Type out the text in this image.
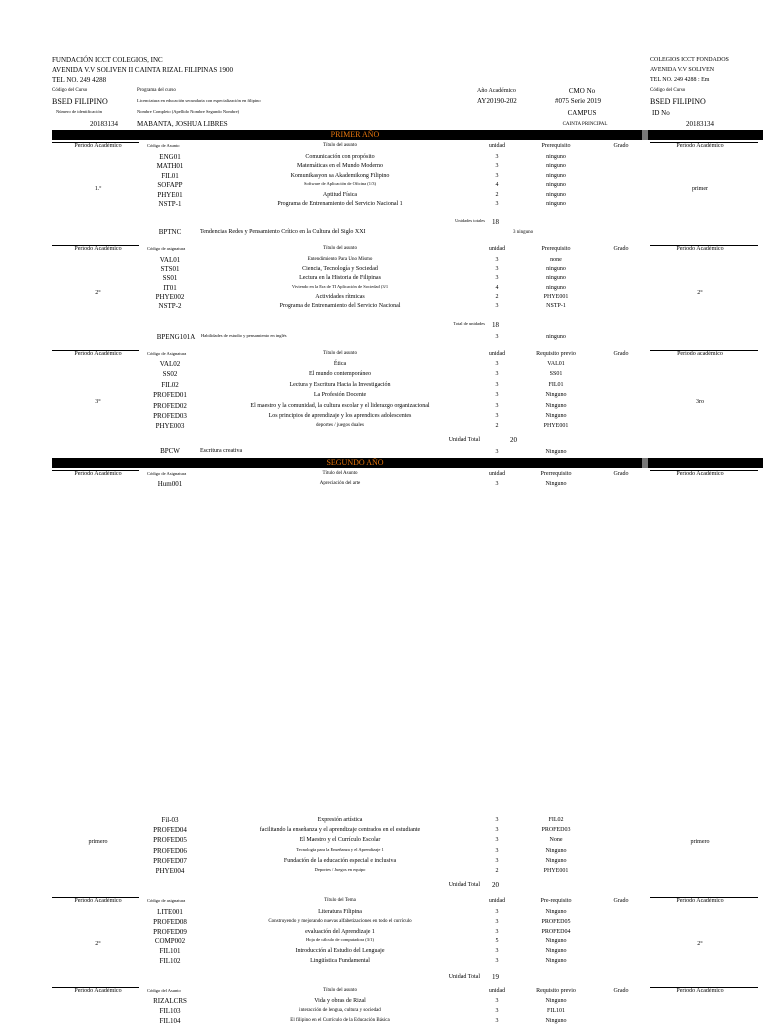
FUNDACIÓN ICCT COLEGIOS, INC
AVENIDA V.V SOLIVEN II CAINTA RIZAL FILIPINAS 1900
TEL NO. 249 4288
Código del Curso
BSED FILIPINO
Programa del curso
Licenciatura en educación secundaria con especialización en filipino
Número de identificación
20183134
Nombre Completo (Apellido Nombre Segundo Nombre)
MABANTA, JOSHUA LIBRES
Año Académico
AY20190-202
CMO No
#075 Serie 2019
CAMPUS
CAINTA PRINCIPAL
COLEGIOS ICCT FONDADOS
AVENIDA V.V SOLIVEN
TEL NO. 249 4288 : Em
Código del Curso
BSED FILIPINO
ID No
20183134
PRIMER AÑO
Período Académico	Código de Asunto	Título del asunto	unidad	Prerequisito	Grado	Período Académico
ENG01	Comunicación con propósito	3	ninguno
MATH01	Matemáticas en el Mundo Moderno	3	ninguno
FIL01	Komunikasyon sa Akademikong Filipino	3	ninguno
SOFAPP	Software de Aplicación de Oficina (1/3)	4	ninguno
PHYE01	Aptitud Física	2	ninguno
NSTP-1	Programa de Entrenamiento del Servicio Nacional 1	3	ninguno
1.º	primer
Unidades totales 18
BPTNC	Tendencias Redes y Pensamiento Crítico en la Cultura del Siglo XXI	3 ninguno
Período Académico	Código de asignatura	Título del asunto	unidad	Prerequisito	Grado	Período Académico
VAL01	Entendimiento Para Uno Mismo	3	none
STS01	Ciencia, Tecnología y Sociedad	3	ninguno
SS01	Lectura en la Historia de Filipinas	3	ninguno
IT01	Viviendo en la Era de TI Aplicación de Sociedad (3/1	4	ninguno
PHYE002	Actividades rítmicas	2	PHYE001
NSTP-2	Programa de Entrenamiento del Servicio Nacional	3	NSTP-1
2°	2°
Total de unidades 18
BPENG101A Habilidades de estudio y pensamiento en inglés	3	ninguno
Período Académico	Código de Asignatura	Título del asunto	unidad	Requisito previo	Grado	Período académico
VAL02	Ética	3	VAL01
SS02	El mundo contemporáneo	3	SS01
FIL02	Lectura y Escritura Hacia la Investigación	3	FIL01
PROFED01	La Profesión Docente	3	Ninguno
PROFED02	El maestro y la comunidad, la cultura escolar y el liderazgo organizacional	3	Ninguno
PROFED03	Los principios de aprendizaje y los aprendices adolescentes	3	Ninguno
PHYE003	deportes / juegos duales	2	PHYE001
3°	3ro
Unidad Total	20
BPCW	Escritura creativa	3	Ninguno
SEGUNDO AÑO
Período Académico	Código de Asignatura	Título del Asunto	unidad	Prerrequisito	Grado	Período Académico
Hum001	Apreciación del arte	3	Ninguno
Fil-03	Expresión artística	3	FIL02
PROFED04	facilitando la enseñanza y el aprendizaje centrados en el estudiante	3	PROFED03
PROFED05	El Maestro y el Currículo Escolar	3	None
PROFED06	Tecnología para la Enseñanza y el Aprendizaje 1	3	Ninguno
PROFED07	Fundación de la educación especial e inclusiva	3	Ninguno
PHYE004	Deportes / Juegos en equipo	2	PHYE001
primero	primero
Unidad Total 20
Período Académico	Código de asignatura	Título del Tema	unidad	Pre-requisito	Grado	Período Académico
LITE001	Literatura Filipina	3	Ninguno
PROFED08	Construyendo y mejorando nuevas alfabetizaciones en todo el currículo	3	PROFED05
PROFED09	evaluación del Aprendizaje 1	3	PROFED04
COMP002	Hoja de cálculo de computadora (3/1)	5	Ninguno
FIL101	Introducción al Estudio del Lenguaje	3	Ninguno
FIL102	Lingüística Fundamental	3	Ninguno
2°	2°
Unidad Total 19
Período Académico	Código del Asunto	Título del asunto	unidad	Requisito previo	Grado	Período Académico
RIZALCRS	Vida y obras de Rizal	3	Ninguno
FIL103	interacción de lengua, cultura y sociedad	3	FIL101
FIL104	El filipino en el Currículo de la Educación Básica	3	Ninguno
